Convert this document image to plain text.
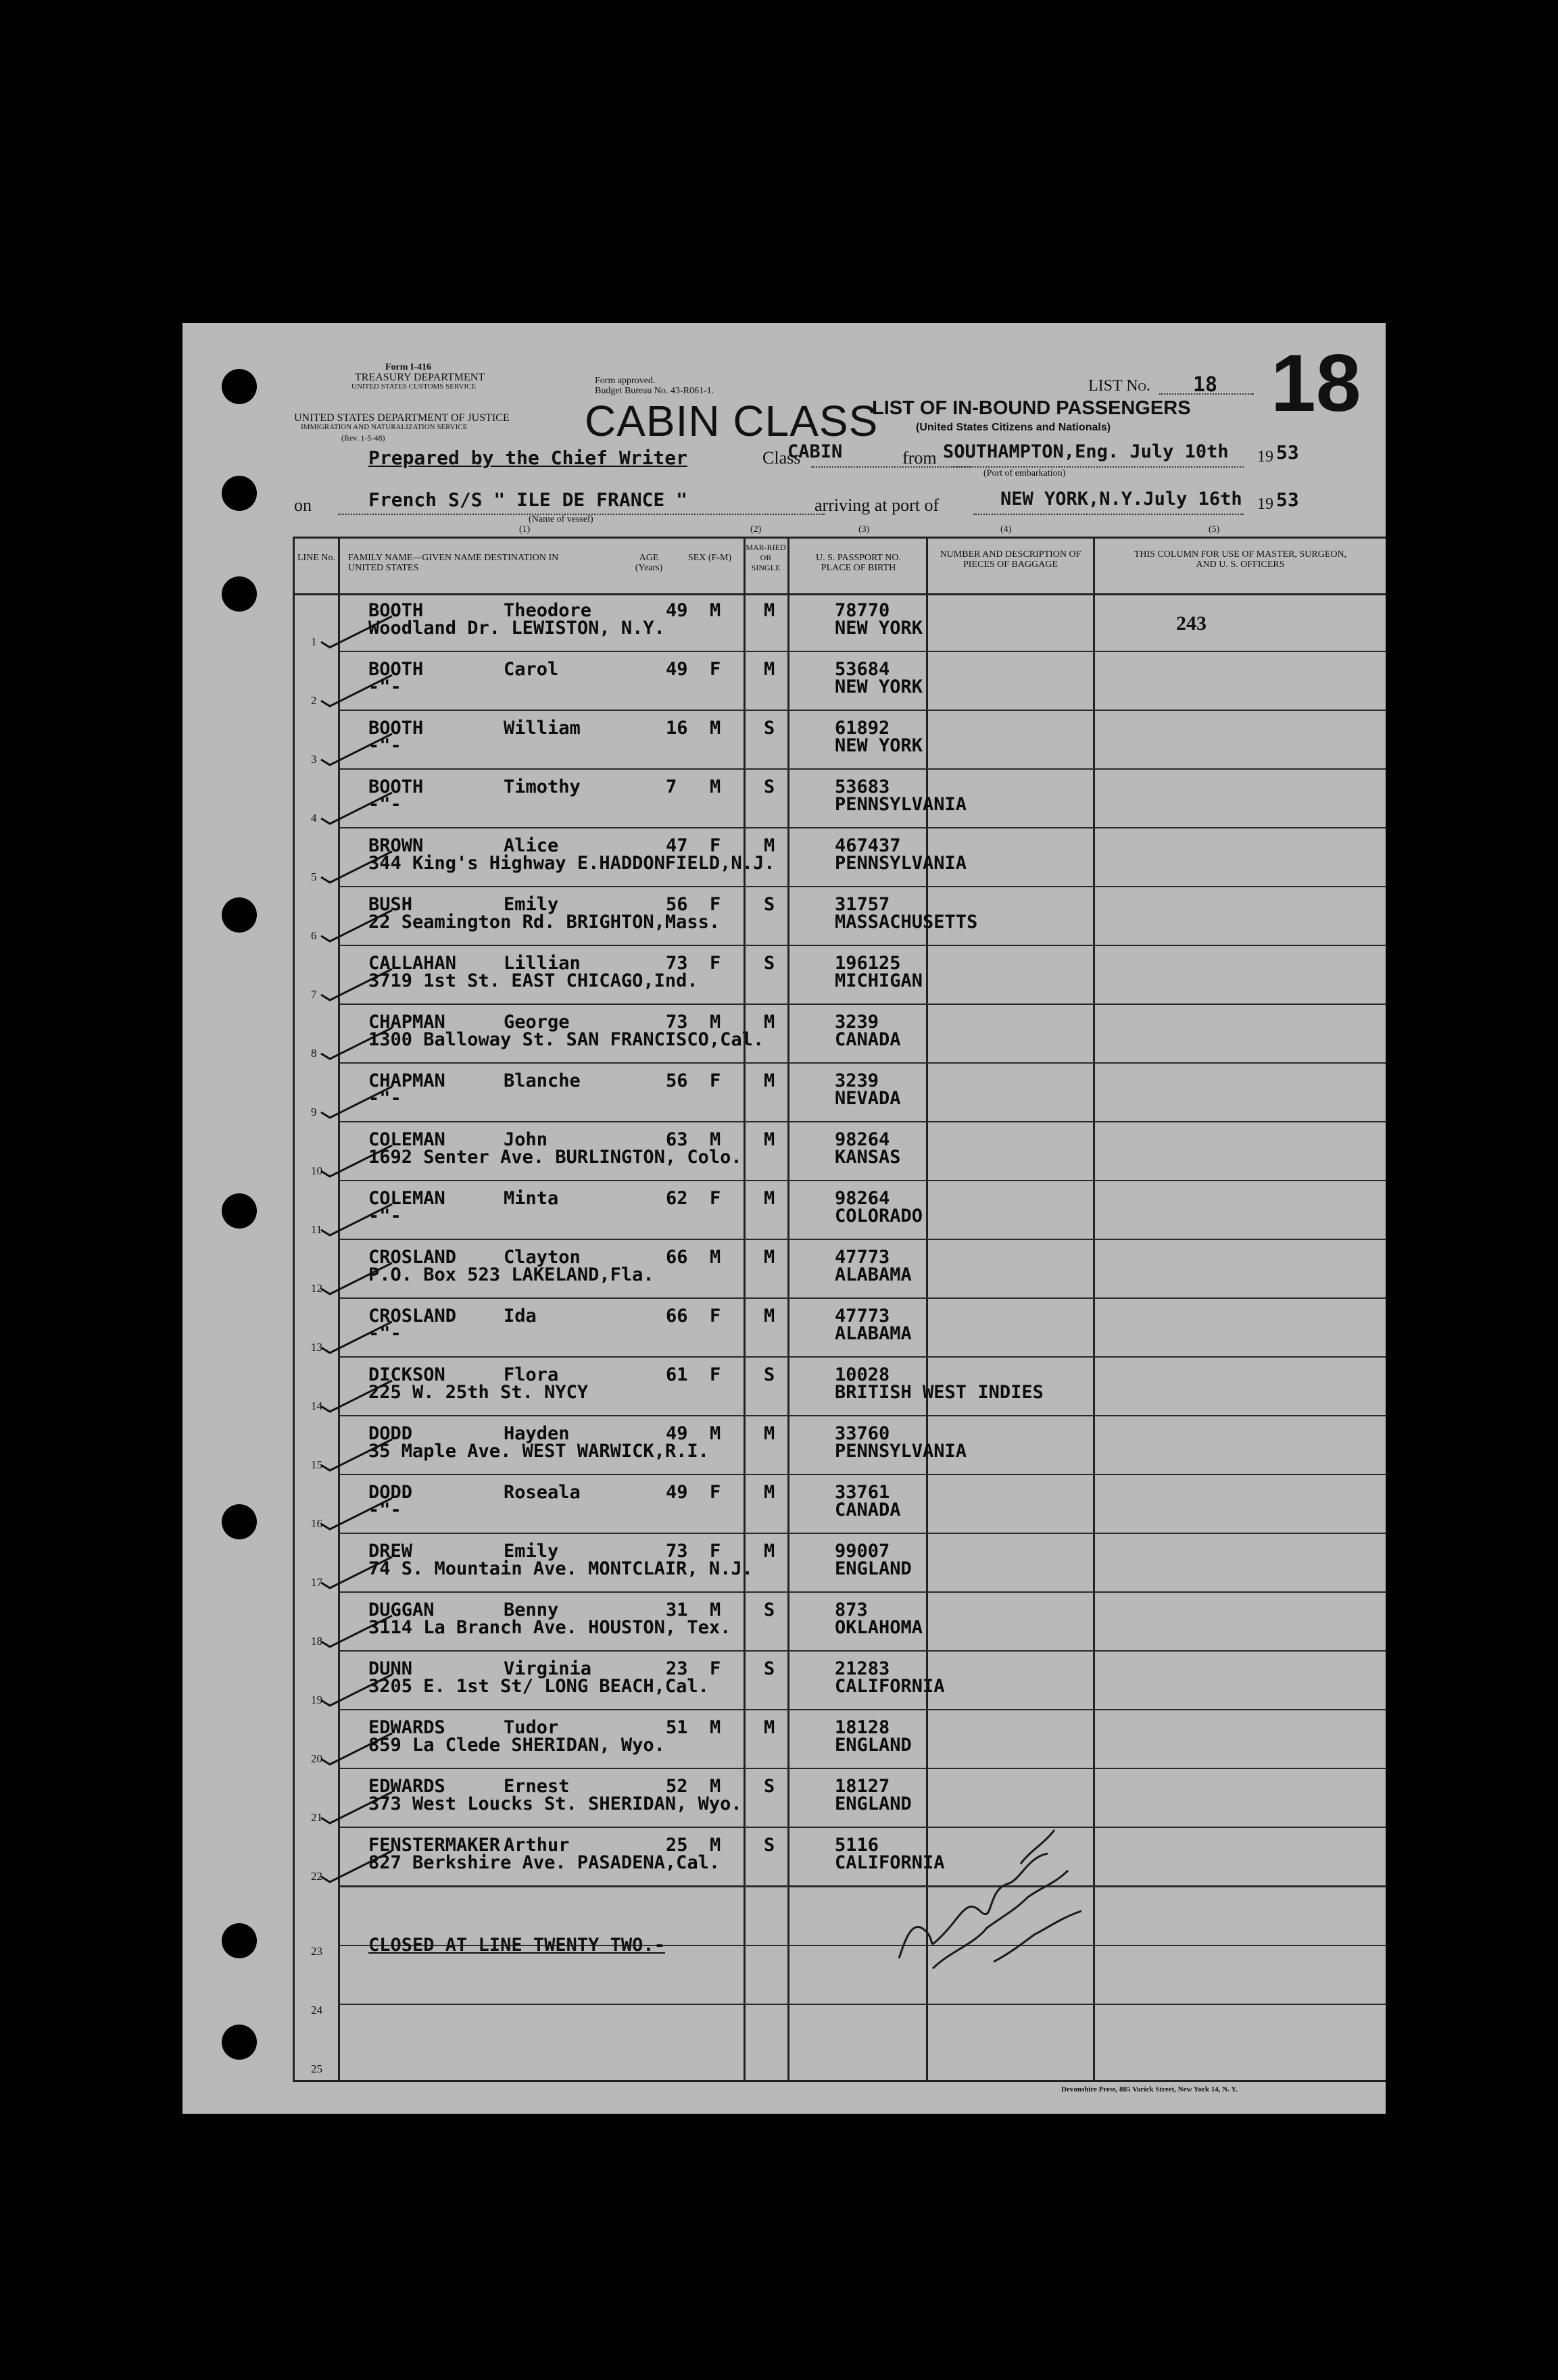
Form I-416
TREASURY DEPARTMENT
UNITED STATES CUSTOMS SERVICE
UNITED STATES DEPARTMENT OF JUSTICE
IMMIGRATION AND NATURALIZATION SERVICE
(Rev. 1-5-48)
Form approved.
Budget Bureau No. 43-R061-1.
CABIN CLASS
LIST OF IN-BOUND PASSENGERS
(United States Citizens and Nationals)
LIST No. 18 18
Prepared by the Chief Writer	Class
CABIN	from SOUTHAMPTON,Eng. July 10th 19 53
(Port of embarkation)
on	French S/S " ILE DE FRANCE "	arriving at port of	NEW YORK,N.Y.July 16th 19 53
(Name of vessel)
(1)	(2)	(3)	(4)	(5)
LINE No. FAMILY NAME—GIVEN NAME DESTINATION IN UNITED STATES
AGE (Years)
SEX (F-M)
MAR-RIED OR SINGLE
U. S. PASSPORT NO. PLACE OF BIRTH
NUMBER AND DESCRIPTION OF PIECES OF BAGGAGE
THIS COLUMN FOR USE OF MASTER, SURGEON, AND U. S. OFFICERS
243
BOOTH	Theodore	49 M M	78770
Woodland Dr. LEWISTON, N.Y.	NEW YORK
1
BOOTH	Carol	49 F M	53684
-"-	NEW YORK
2
BOOTH	William	16 M S	61892
-"-	NEW YORK
3
BOOTH	Timothy	7 M S	53683
-"-	PENNSYLVANIA
4
BROWN	Alice	47 F M	467437
344 King's Highway E.HADDONFIELD,N.J.	PENNSYLVANIA
5
BUSH	Emily	56 F S	31757
22 Seamington Rd. BRIGHTON,Mass.	MASSACHUSETTS
6
CALLAHAN	Lillian	73 F S	196125
3719 1st St. EAST CHICAGO,Ind.	MICHIGAN
7
CHAPMAN	George	73 M M	3239
1300 Balloway St. SAN FRANCISCO,Cal.	CANADA
8
CHAPMAN	Blanche	56 F M	3239
-"-	NEVADA
9
COLEMAN	John	63 M M	98264
1692 Senter Ave. BURLINGTON, Colo.	KANSAS
10
COLEMAN	Minta	62 F M	98264
-"-	COLORADO
11
CROSLAND	Clayton	66 M M	47773
P.O. Box 523 LAKELAND,Fla.	ALABAMA
12
CROSLAND	Ida	66 F M	47773
-"-	ALABAMA
13
DICKSON	Flora	61 F S	10028
225 W. 25th St. NYCY	BRITISH WEST INDIES
14
DODD	Hayden	49 M M	33760
35 Maple Ave. WEST WARWICK,R.I.	PENNSYLVANIA
15
DODD	Roseala	49 F M	33761
-"-	CANADA
16
DREW	Emily	73 F M	99007
74 S. Mountain Ave. MONTCLAIR, N.J.	ENGLAND
17
DUGGAN	Benny	31 M S	873
3114 La Branch Ave. HOUSTON, Tex.	OKLAHOMA
18
DUNN	Virginia	23 F S	21283
3205 E. 1st St/ LONG BEACH,Cal.	CALIFORNIA
19
EDWARDS	Tudor	51 M M	18128
859 La Clede SHERIDAN, Wyo.	ENGLAND
20
EDWARDS	Ernest	52 M S	18127
373 West Loucks St. SHERIDAN, Wyo.	ENGLAND
21
FENSTERMAKER Arthur	25 M S	5116
827 Berkshire Ave. PASADENA,Cal.	CALIFORNIA
22
CLOSED AT LINE TWENTY TWO.-
23
24
25
Devonshire Press, 885 Varick Street, New York 14, N. Y.
